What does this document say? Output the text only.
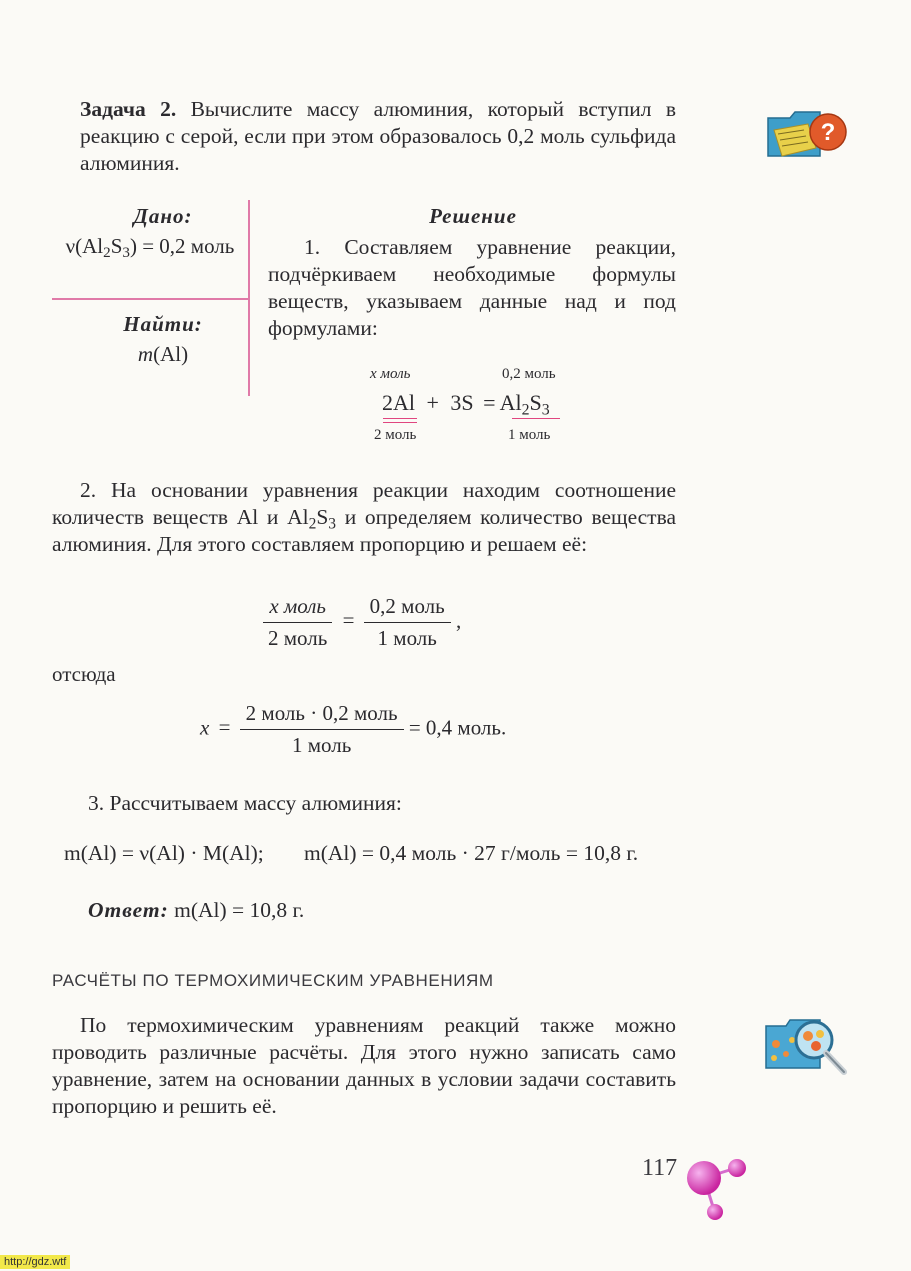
Задача 2. Вычислите массу алюминия, который вступил в реакцию с серой, если при этом образовалось 0,2 моль сульфида алюминия.
?
Дано:
$\nu(Al_2S_3) = 0,2$ моль
Найти:
m(Al)
Решение
1. Составляем уравнение реакции, подчёркиваем необходимые формулы веществ, указываем данные над и под формулами:
x моль	0,2 моль
$2Al + 3S = Al_2S_3$
2 моль	1 моль
2. На основании уравнения реакции находим соотношение количеств веществ Al и $Al_2S_3$ и определяем количество вещества алюминия. Для этого составляем пропорцию и решаем её:
$\frac{\text{x моль}}{\text{2 моль}} = \frac{\text{0,2 моль}}{\text{1 моль}}$ ,
отсюда
$x = \frac{\text{2 моль · 0,2 моль}}{\text{1 моль}} = 0,4$ моль.
3. Рассчитываем массу алюминия:
m(Al) = ν(Al) · M(Al); m(Al) = 0,4 моль · 27 г/моль = 10,8 г.
Ответ: m(Al) = 10,8 г.
РАСЧЁТЫ ПО ТЕРМОХИМИЧЕСКИМ УРАВНЕНИЯМ
По термохимическим уравнениям реакций также можно проводить различные расчёты. Для этого нужно записать само уравнение, затем на основании данных в условии задачи составить пропорцию и решить её.
117
http://gdz.wtf
